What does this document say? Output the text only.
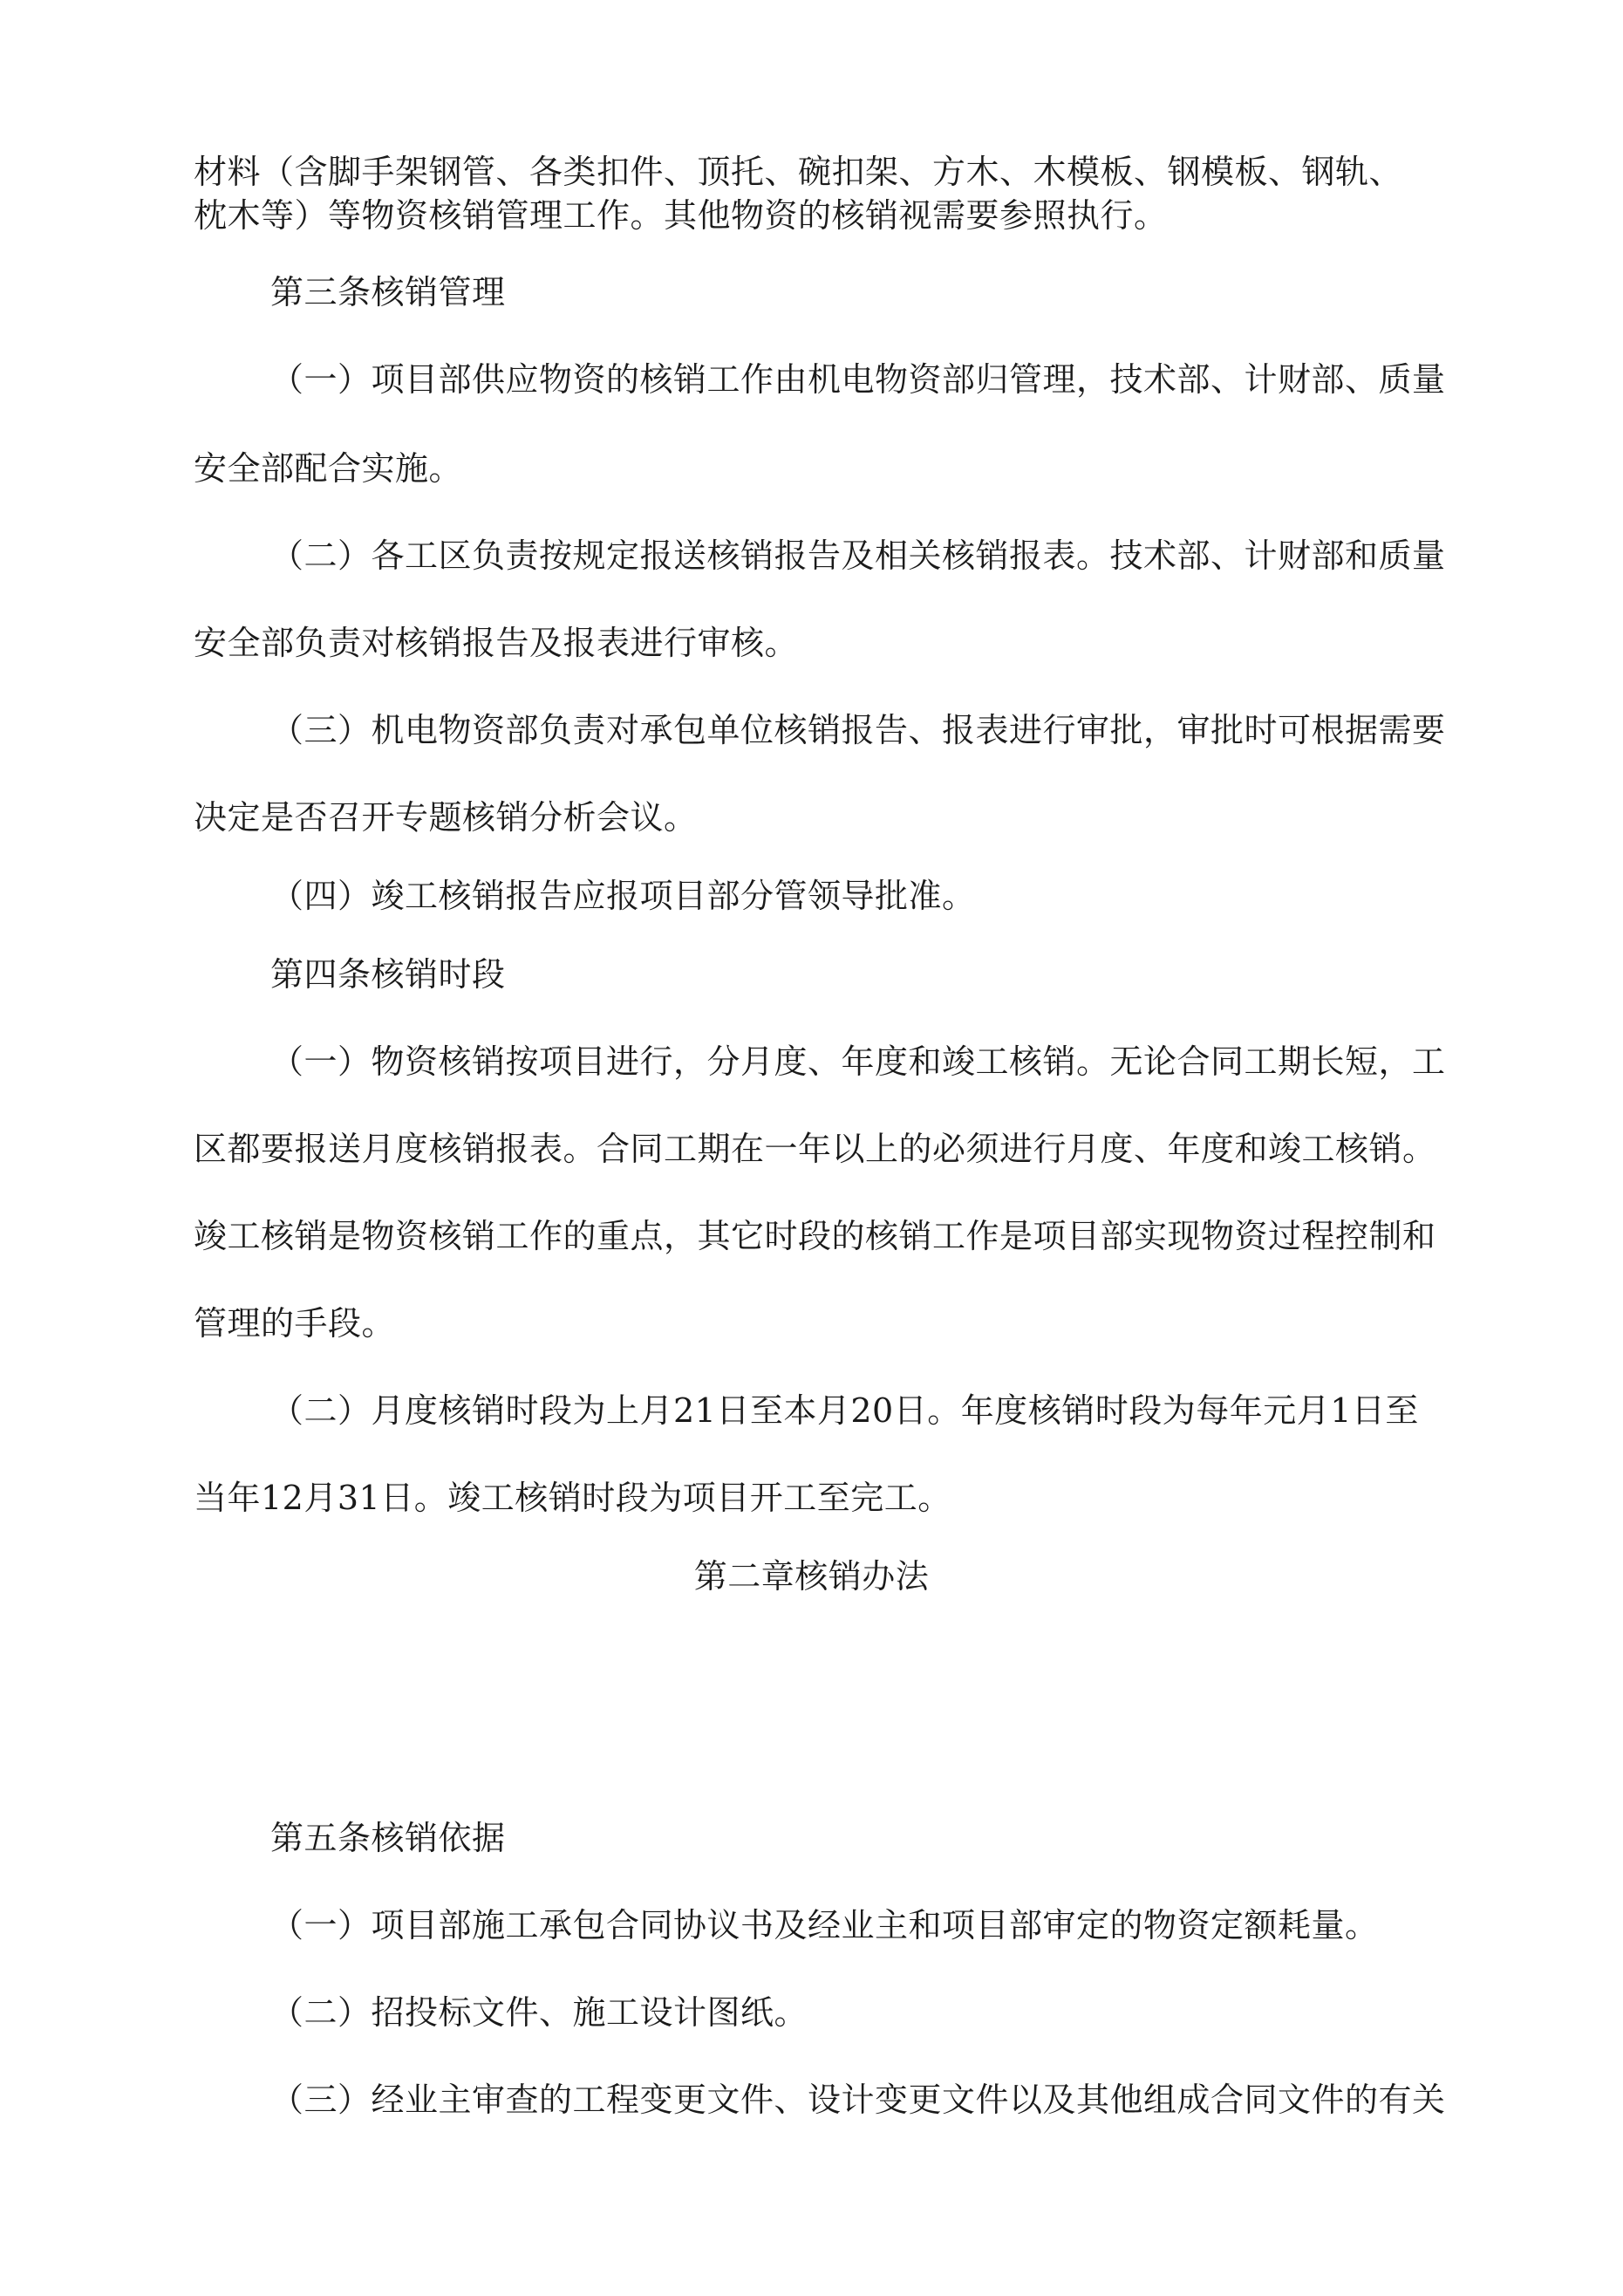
材料（含脚手架钢管、各类扣件、顶托、碗扣架、方木、木模板、钢模板、钢轨、
枕木等）等物资核销管理工作。其他物资的核销视需要参照执行。
第三条核销管理
（一）项目部供应物资的核销工作由机电物资部归管理，技术部、计财部、质量
安全部配合实施。
（二）各工区负责按规定报送核销报告及相关核销报表。技术部、计财部和质量
安全部负责对核销报告及报表进行审核。
（三）机电物资部负责对承包单位核销报告、报表进行审批，审批时可根据需要
决定是否召开专题核销分析会议。
（四）竣工核销报告应报项目部分管领导批准。
第四条核销时段
（一）物资核销按项目进行，分月度、年度和竣工核销。无论合同工期长短，工
区都要报送月度核销报表。合同工期在一年以上的必须进行月度、年度和竣工核销。
竣工核销是物资核销工作的重点，其它时段的核销工作是项目部实现物资过程控制和
管理的手段。
（二）月度核销时段为上月21日至本月20日。年度核销时段为每年元月1日至
当年12月31日。竣工核销时段为项目开工至完工。
第二章核销办法
第五条核销依据
（一）项目部施工承包合同协议书及经业主和项目部审定的物资定额耗量。
（二）招投标文件、施工设计图纸。
（三）经业主审查的工程变更文件、设计变更文件以及其他组成合同文件的有关
